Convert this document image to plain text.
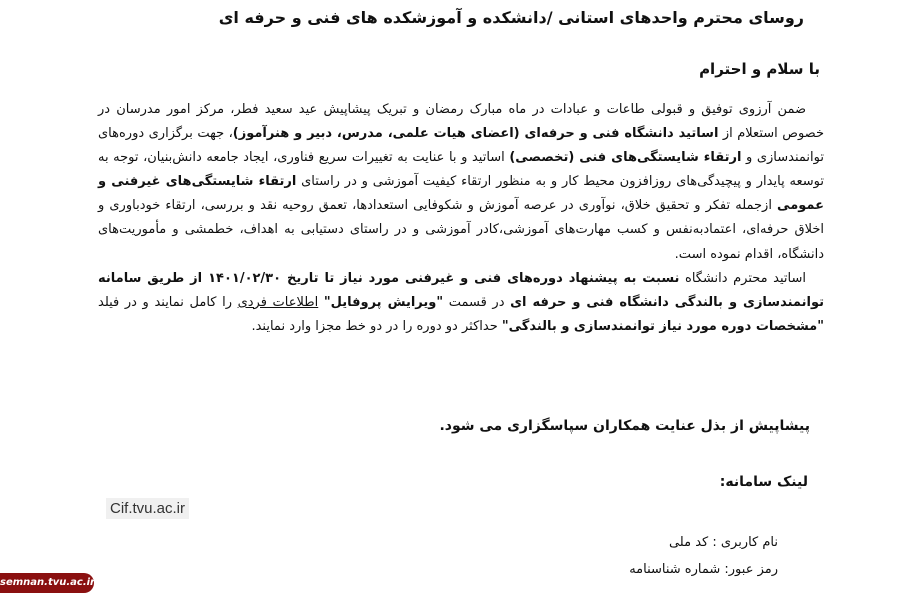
روسای محترم واحدهای استانی /دانشکده و آموزشکده های فنی و حرفه ای
با سلام و احترام

ضمن آرزوی توفیق و قبولی طاعات و عبادات در ماه مبارک رمضان و تبریک پیشاپیش عید سعید فطر، مرکز امور مدرسان در خصوص استعلام از اساتید دانشگاه فنی و حرفه‌ای (اعضای هیات علمی، مدرس، دبیر و هنرآموز)، جهت برگزاری دوره‌های توانمندسازی و ارتقاء شایستگی‌های فنی (تخصصی) اساتید و با عنایت به تغییرات سریع فناوری، ایجاد جامعه دانش‌بنیان، توجه به توسعه پایدار و پیچیدگی‌های روزافزون محیط کار و به منظور ارتقاء کیفیت آموزشی و در راستای ارتقاء شایستگی‌های غیرفنی و عمومی ازجمله تفکر و تحقیق خلاق، نوآوری در عرصه آموزش و شکوفایی استعدادها، تعمق روحیه نقد و بررسی، ارتقاء خودباوری و اخلاق حرفه‌ای، اعتمادبه‌نفس و کسب مهارت‌های آموزشی،کادر آموزشی و در راستای دستیابی به اهداف، خطمشی و مأموریت‌های دانشگاه، اقدام نموده است.

اساتید محترم دانشگاه نسبت به پیشنهاد دوره‌های فنی و غیرفنی مورد نیاز تا تاریخ ۱۴۰۱/۰۲/۳۰ از طریق سامانه توانمندسازی و بالندگی دانشگاه فنی و حرفه ای در قسمت "ویرایش پروفایل" اطلاعات فردی را کامل نمایند و در فیلد "مشخصات دوره مورد نیاز توانمندسازی و بالندگی" حداکثر دو دوره را در دو خط مجزا وارد نمایند.

پیشاپیش از بذل عنایت همکاران سپاسگزاری می شود.
لینک سامانه:
Cif.tvu.ac.ir
نام کاربری : کد ملی
رمز عبور: شماره شناسنامه
semnan.tvu.ac.ir
